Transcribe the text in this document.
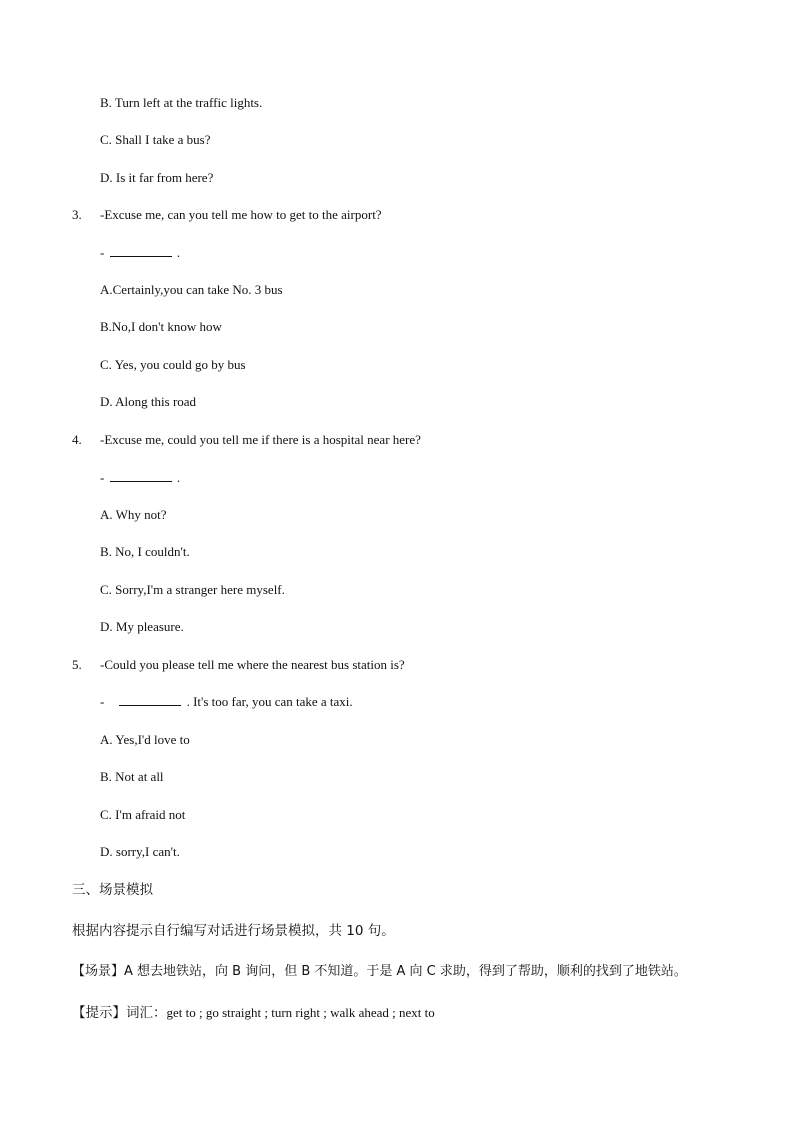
B. Turn left at the traffic lights.
C. Shall I take a bus?
D. Is it far from here?
3. -Excuse me, can you tell me how to get to the airport?
-	.
A.Certainly,you can take No. 3 bus
B.No,I don't know how
C. Yes, you could go by bus
D. Along this road
4. -Excuse me, could you tell me if there is a hospital near here?
-	.
A. Why not?
B. No, I couldn't.
C. Sorry,I'm a stranger here myself.
D. My pleasure.
5. -Could you please tell me where the nearest bus station is?
-	. It's too far, you can take a taxi.
A. Yes,I'd love to
B. Not at all
C. I'm afraid not
D. sorry,I can't.
三、场景模拟
根据内容提示自行编写对话进行场景模拟，共 10 句。
【场景】A 想去地铁站，向 B 询问，但 B 不知道。于是 A 向 C 求助，得到了帮助，顺利的找到了地铁站。
【提示】词汇：get to ; go straight ; turn right ; walk ahead ; next to
